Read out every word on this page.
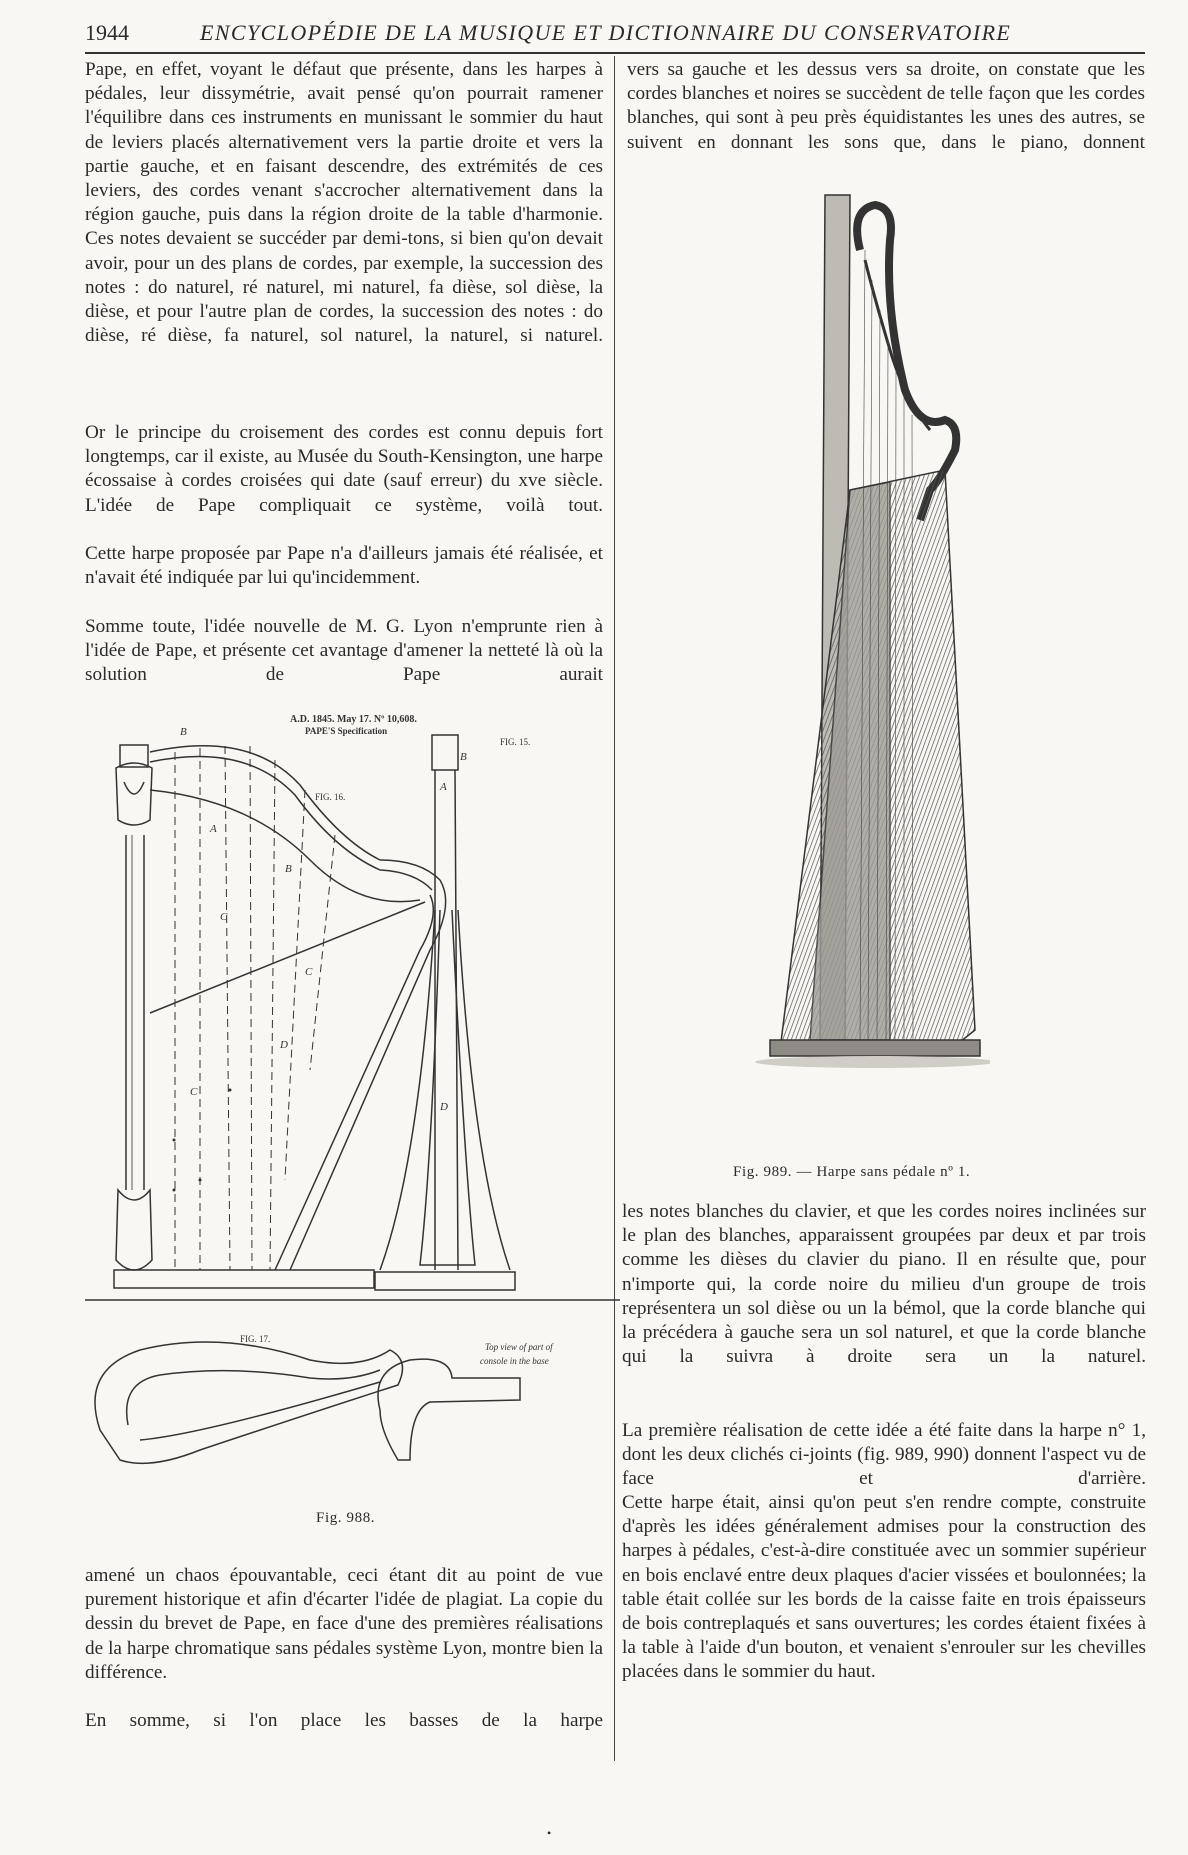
1944	ENCYCLOPÉDIE DE LA MUSIQUE ET DICTIONNAIRE DU CONSERVATOIRE

Pape, en effet, voyant le défaut que présente, dans les harpes à pédales, leur dissymétrie, avait pensé qu'on pourrait ramener l'équilibre dans ces instruments en munissant le sommier du haut de leviers placés alternativement vers la partie droite et vers la partie gauche, et en faisant descendre, des extrémités de ces leviers, des cordes venant s'accrocher alternativement dans la région gauche, puis dans la région droite de la table d'harmonie. Ces notes devaient se succéder par demi-tons, si bien qu'on devait avoir, pour un des plans de cordes, par exemple, la succession des notes : do naturel, ré naturel, mi naturel, fa dièse, sol dièse, la dièse, et pour l'autre plan de cordes, la succession des notes : do dièse, ré dièse, fa naturel, sol naturel, la naturel, si naturel.

Or le principe du croisement des cordes est connu depuis fort longtemps, car il existe, au Musée du South-Kensington, une harpe écossaise à cordes croisées qui date (sauf erreur) du xve siècle. L'idée de Pape compliquait ce système, voilà tout.

Cette harpe proposée par Pape n'a d'ailleurs jamais été réalisée, et n'avait été indiquée par lui qu'incidemment.

Somme toute, l'idée nouvelle de M. G. Lyon n'emprunte rien à l'idée de Pape, et présente cet avantage d'amener la netteté là où la solution de Pape aurait

B
A
B
C
C
C
D
B
A
D
A.D. 1845. May 17. Nº 10,608.
PAPE'S Specification
FIG. 16.
FIG. 15.
FIG. 17.
Top view of part of
console in the base
Fig. 988.

amené un chaos épouvantable, ceci étant dit au point de vue purement historique et afin d'écarter l'idée de plagiat. La copie du dessin du brevet de Pape, en face d'une des premières réalisations de la harpe chromatique sans pédales système Lyon, montre bien la différence.

En somme, si l'on place les basses de la harpe

vers sa gauche et les dessus vers sa droite, on constate que les cordes blanches et noires se succèdent de telle façon que les cordes blanches, qui sont à peu près équidistantes les unes des autres, se suivent en donnant les sons que, dans le piano, donnent

Fig. 989. — Harpe sans pédale nº 1.

les notes blanches du clavier, et que les cordes noires inclinées sur le plan des blanches, apparaissent groupées par deux et par trois comme les dièses du clavier du piano. Il en résulte que, pour n'importe qui, la corde noire du milieu d'un groupe de trois représentera un sol dièse ou un la bémol, que la corde blanche qui la précédera à gauche sera un sol naturel, et que la corde blanche qui la suivra à droite sera un la naturel.

La première réalisation de cette idée a été faite dans la harpe n° 1, dont les deux clichés ci-joints (fig. 989, 990) donnent l'aspect vu de face et d'arrière.

Cette harpe était, ainsi qu'on peut s'en rendre compte, construite d'après les idées généralement admises pour la construction des harpes à pédales, c'est-à-dire constituée avec un sommier supérieur en bois enclavé entre deux plaques d'acier vissées et boulonnées; la table était collée sur les bords de la caisse faite en trois épaisseurs de bois contreplaqués et sans ouvertures; les cordes étaient fixées à la table à l'aide d'un bouton, et venaient s'enrouler sur les chevilles placées dans le sommier du haut.

•
